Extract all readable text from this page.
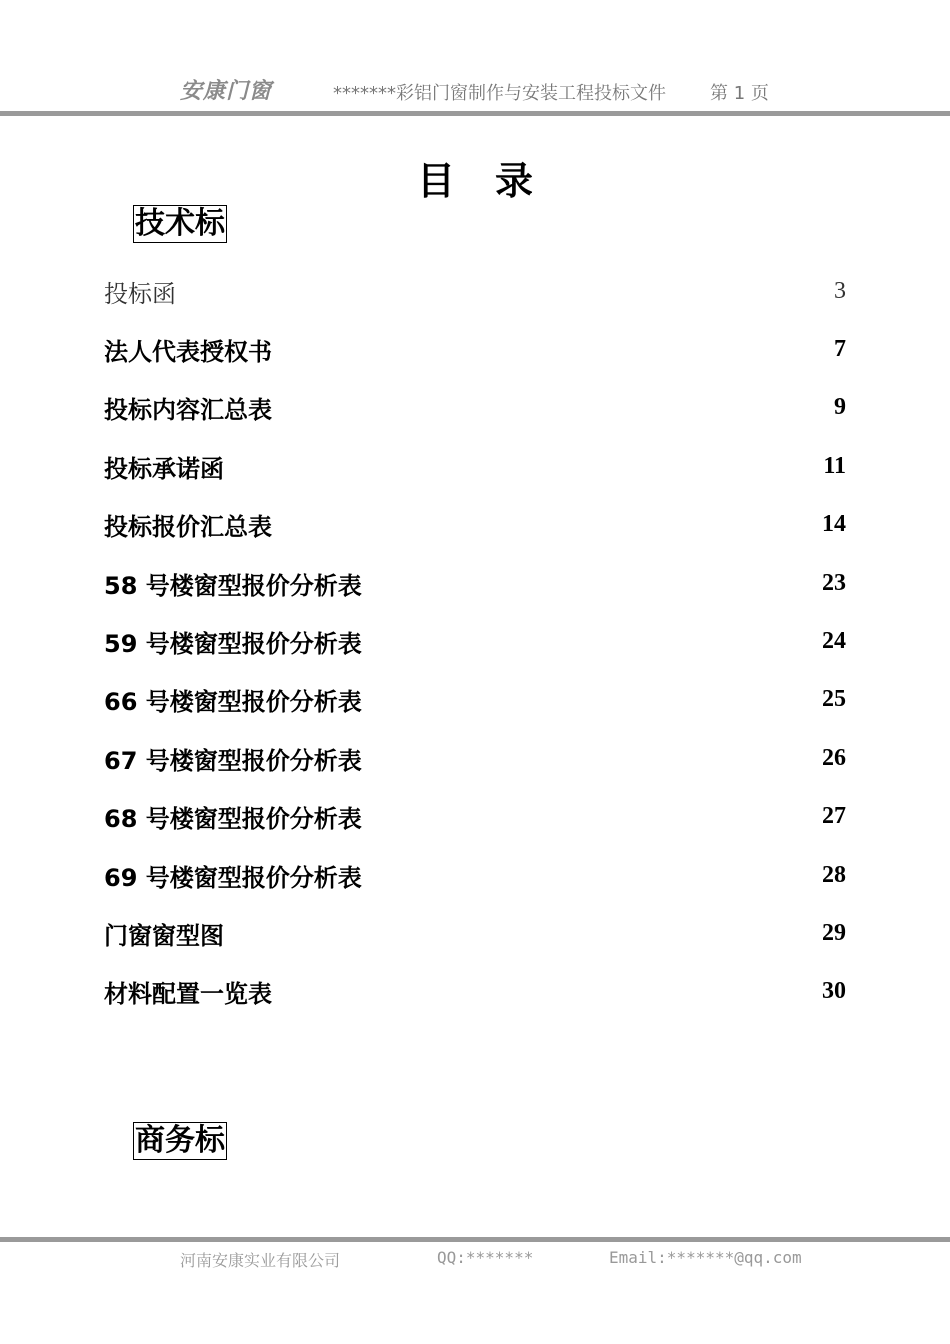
安康门窗	*******彩铝门窗制作与安装工程投标文件 第 1 页
目录
技术标
投标函	3
法人代表授权书	7
投标内容汇总表	9
投标承诺函	11
投标报价汇总表	14
58 号楼窗型报价分析表	23
59 号楼窗型报价分析表	24
66 号楼窗型报价分析表	25
67 号楼窗型报价分析表	26
68 号楼窗型报价分析表	27
69 号楼窗型报价分析表	28
门窗窗型图	29
材料配置一览表	30
商务标
河南安康实业有限公司	QQ:*******	Email:*******@qq.com
